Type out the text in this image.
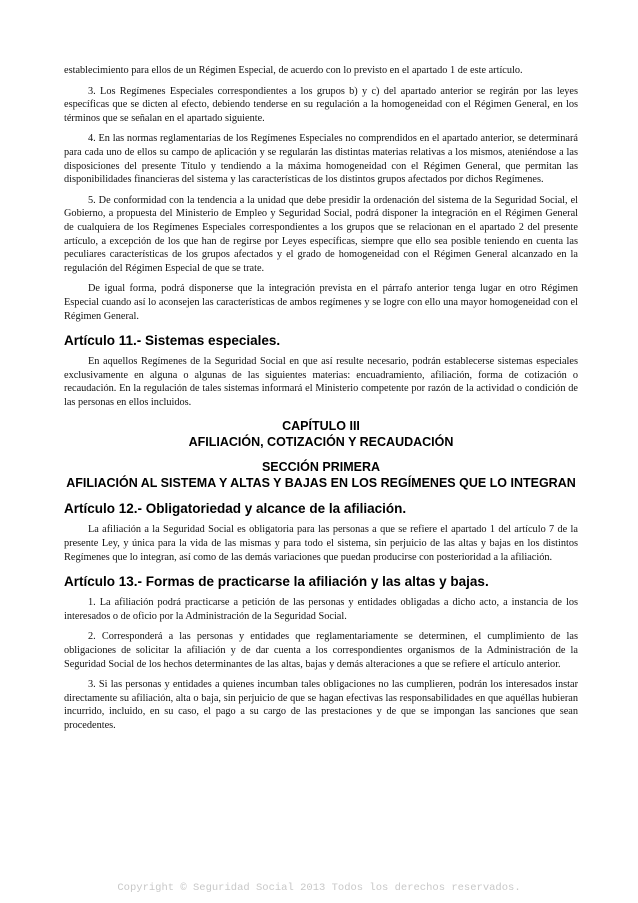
establecimiento para ellos de un Régimen Especial, de acuerdo con lo previsto en el apartado 1 de este artículo.

3. Los Regímenes Especiales correspondientes a los grupos b) y c) del apartado anterior se regirán por las leyes específicas que se dicten al efecto, debiendo tenderse en su regulación a la homogeneidad con el Régimen General, en los términos que se señalan en el apartado siguiente.

4. En las normas reglamentarias de los Regímenes Especiales no comprendidos en el apartado anterior, se determinará para cada uno de ellos su campo de aplicación y se regularán las distintas materias relativas a los mismos, ateniéndose a las disposiciones del presente Título y tendiendo a la máxima homogeneidad con el Régimen General, que permitan las disponibilidades financieras del sistema y las características de los distintos grupos afectados por dichos Regímenes.

5. De conformidad con la tendencia a la unidad que debe presidir la ordenación del sistema de la Seguridad Social, el Gobierno, a propuesta del Ministerio de Empleo y Seguridad Social, podrá disponer la integración en el Régimen General de cualquiera de los Regímenes Especiales correspondientes a los grupos que se relacionan en el apartado 2 del presente artículo, a excepción de los que han de regirse por Leyes específicas, siempre que ello sea posible teniendo en cuenta las peculiares características de los grupos afectados y el grado de homogeneidad con el Régimen General alcanzado en la regulación del Régimen Especial de que se trate.

De igual forma, podrá disponerse que la integración prevista en el párrafo anterior tenga lugar en otro Régimen Especial cuando así lo aconsejen las características de ambos regímenes y se logre con ello una mayor homogeneidad con el Régimen General.

Artículo 11.- Sistemas especiales.

En aquellos Regímenes de la Seguridad Social en que así resulte necesario, podrán establecerse sistemas especiales exclusivamente en alguna o algunas de las siguientes materias: encuadramiento, afiliación, forma de cotización o recaudación. En la regulación de tales sistemas informará el Ministerio competente por razón de la actividad o condición de las personas en ellos incluidos.

CAPÍTULO III
AFILIACIÓN, COTIZACIÓN Y RECAUDACIÓN
SECCIÓN PRIMERA
AFILIACIÓN AL SISTEMA Y ALTAS Y BAJAS EN LOS REGÍMENES QUE LO INTEGRAN
Artículo 12.- Obligatoriedad y alcance de la afiliación.

La afiliación a la Seguridad Social es obligatoria para las personas a que se refiere el apartado 1 del artículo 7 de la presente Ley, y única para la vida de las mismas y para todo el sistema, sin perjuicio de las altas y bajas en los distintos Regímenes que lo integran, así como de las demás variaciones que puedan producirse con posterioridad a la afiliación.

Artículo 13.- Formas de practicarse la afiliación y las altas y bajas.

1. La afiliación podrá practicarse a petición de las personas y entidades obligadas a dicho acto, a instancia de los interesados o de oficio por la Administración de la Seguridad Social.

2. Corresponderá a las personas y entidades que reglamentariamente se determinen, el cumplimiento de las obligaciones de solicitar la afiliación y de dar cuenta a los correspondientes organismos de la Administración de la Seguridad Social de los hechos determinantes de las altas, bajas y demás alteraciones a que se refiere el artículo anterior.

3. Si las personas y entidades a quienes incumban tales obligaciones no las cumplieren, podrán los interesados instar directamente su afiliación, alta o baja, sin perjuicio de que se hagan efectivas las responsabilidades en que aquéllas hubieran incurrido, incluido, en su caso, el pago a su cargo de las prestaciones y de que se impongan las sanciones que sean procedentes.

Copyright © Seguridad Social 2013 Todos los derechos reservados.
